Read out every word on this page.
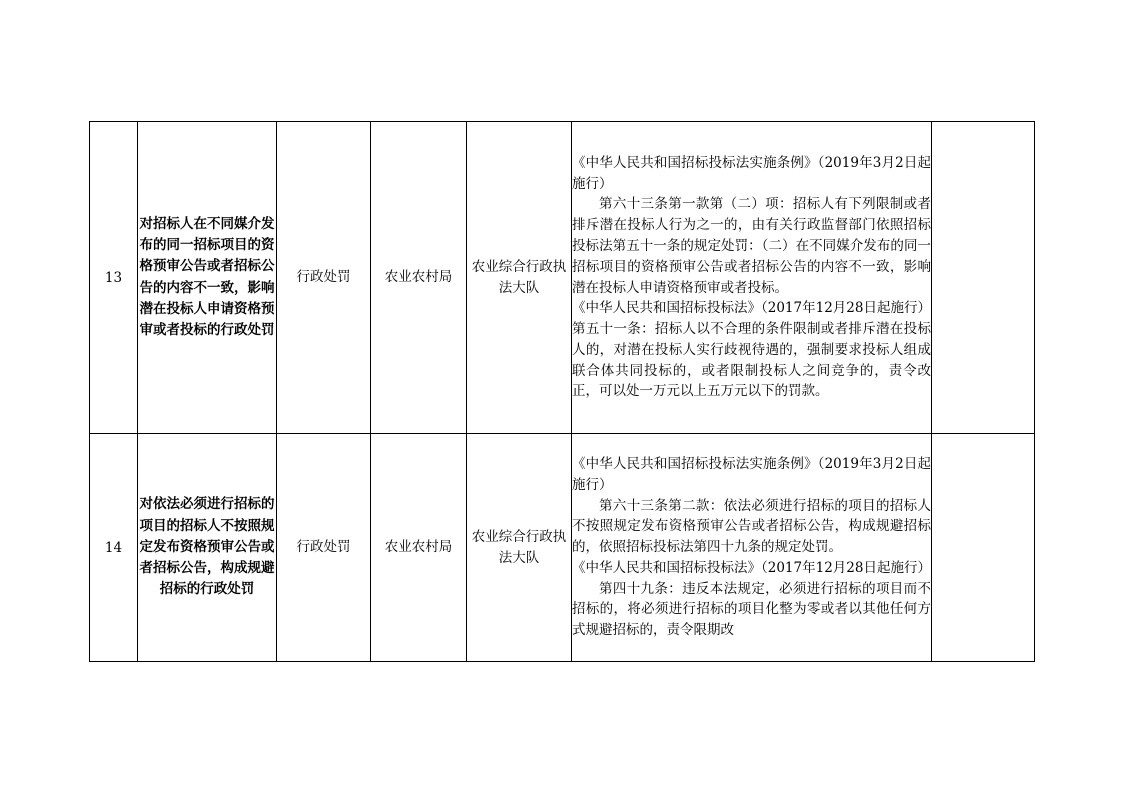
13	对招标人在不同媒介发布的同一招标项目的资格预审公告或者招标公告的内容不一致，影响潜在投标人申请资格预审或者投标的行政处罚	行政处罚	农业农村局	农业综合行政执法大队	《中华人民共和国招标投标法实施条例》（2019年3月2日起施行）

第六十三条第一款第（二）项：招标人有下列限制或者排斥潜在投标人行为之一的，由有关行政监督部门依照招标投标法第五十一条的规定处罚：（二）在不同媒介发布的同一招标项目的资格预审公告或者招标公告的内容不一致，影响潜在投标人申请资格预审或者投标。

《中华人民共和国招标投标法》（2017年12月28日起施行）

第五十一条：招标人以不合理的条件限制或者排斥潜在投标人的，对潜在投标人实行歧视待遇的，强制要求投标人组成联合体共同投标的，或者限制投标人之间竞争的，责令改正，可以处一万元以上五万元以下的罚款。	

14	对依法必须进行招标的项目的招标人不按照规定发布资格预审公告或者招标公告，构成规避招标的行政处罚	行政处罚	农业农村局	农业综合行政执法大队	《中华人民共和国招标投标法实施条例》（2019年3月2日起施行）

第六十三条第二款：依法必须进行招标的项目的招标人不按照规定发布资格预审公告或者招标公告，构成规避招标的，依照招标投标法第四十九条的规定处罚。

《中华人民共和国招标投标法》（2017年12月28日起施行）

第四十九条：违反本法规定，必须进行招标的项目而不招标的，将必须进行招标的项目化整为零或者以其他任何方式规避招标的，责令限期改	
